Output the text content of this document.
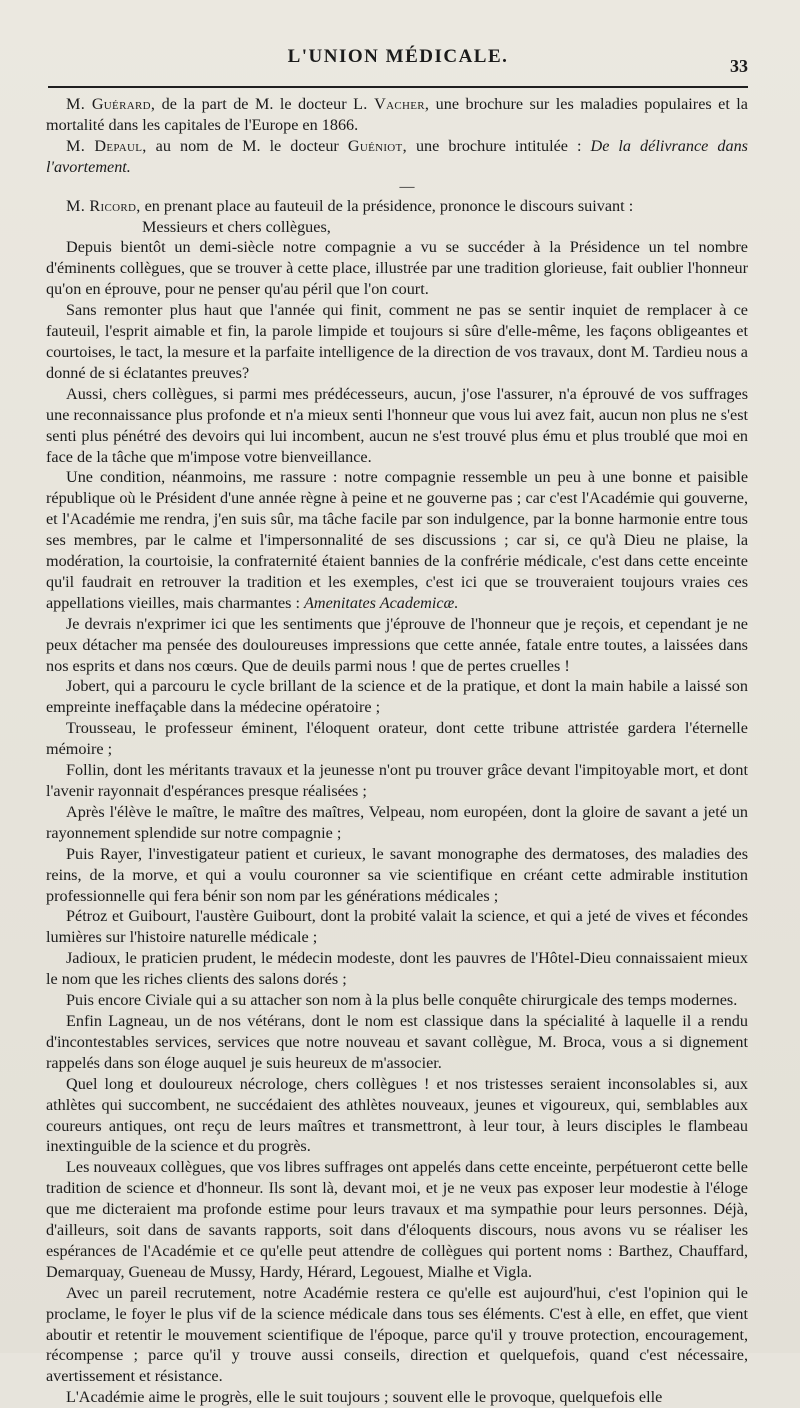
L'UNION MÉDICALE.	33

M. Guérard, de la part de M. le docteur L. Vacher, une brochure sur les maladies populaires et la mortalité dans les capitales de l'Europe en 1866.

M. Depaul, au nom de M. le docteur Guéniot, une brochure intitulée : De la délivrance dans l'avortement.

—

M. Ricord, en prenant place au fauteuil de la présidence, prononce le discours suivant :

Messieurs et chers collègues,

Depuis bientôt un demi-siècle notre compagnie a vu se succéder à la Présidence un tel nombre d'éminents collègues, que se trouver à cette place, illustrée par une tradition glorieuse, fait oublier l'honneur qu'on en éprouve, pour ne penser qu'au péril que l'on court.

Sans remonter plus haut que l'année qui finit, comment ne pas se sentir inquiet de remplacer à ce fauteuil, l'esprit aimable et fin, la parole limpide et toujours si sûre d'elle-même, les façons obligeantes et courtoises, le tact, la mesure et la parfaite intelligence de la direction de vos travaux, dont M. Tardieu nous a donné de si éclatantes preuves?

Aussi, chers collègues, si parmi mes prédécesseurs, aucun, j'ose l'assurer, n'a éprouvé de vos suffrages une reconnaissance plus profonde et n'a mieux senti l'honneur que vous lui avez fait, aucun non plus ne s'est senti plus pénétré des devoirs qui lui incombent, aucun ne s'est trouvé plus ému et plus troublé que moi en face de la tâche que m'impose votre bienveillance.

Une condition, néanmoins, me rassure : notre compagnie ressemble un peu à une bonne et paisible république où le Président d'une année règne à peine et ne gouverne pas ; car c'est l'Académie qui gouverne, et l'Académie me rendra, j'en suis sûr, ma tâche facile par son indulgence, par la bonne harmonie entre tous ses membres, par le calme et l'impersonnalité de ses discussions ; car si, ce qu'à Dieu ne plaise, la modération, la courtoisie, la confraternité étaient bannies de la confrérie médicale, c'est dans cette enceinte qu'il faudrait en retrouver la tradition et les exemples, c'est ici que se trouveraient toujours vraies ces appellations vieilles, mais charmantes : Amenitates Academicæ.

Je devrais n'exprimer ici que les sentiments que j'éprouve de l'honneur que je reçois, et cependant je ne peux détacher ma pensée des douloureuses impressions que cette année, fatale entre toutes, a laissées dans nos esprits et dans nos cœurs. Que de deuils parmi nous ! que de pertes cruelles !

Jobert, qui a parcouru le cycle brillant de la science et de la pratique, et dont la main habile a laissé son empreinte ineffaçable dans la médecine opératoire ;

Trousseau, le professeur éminent, l'éloquent orateur, dont cette tribune attristée gardera l'éternelle mémoire ;

Follin, dont les méritants travaux et la jeunesse n'ont pu trouver grâce devant l'impitoyable mort, et dont l'avenir rayonnait d'espérances presque réalisées ;

Après l'élève le maître, le maître des maîtres, Velpeau, nom européen, dont la gloire de savant a jeté un rayonnement splendide sur notre compagnie ;

Puis Rayer, l'investigateur patient et curieux, le savant monographe des dermatoses, des maladies des reins, de la morve, et qui a voulu couronner sa vie scientifique en créant cette admirable institution professionnelle qui fera bénir son nom par les générations médicales ;

Pétroz et Guibourt, l'austère Guibourt, dont la probité valait la science, et qui a jeté de vives et fécondes lumières sur l'histoire naturelle médicale ;

Jadioux, le praticien prudent, le médecin modeste, dont les pauvres de l'Hôtel-Dieu connaissaient mieux le nom que les riches clients des salons dorés ;

Puis encore Civiale qui a su attacher son nom à la plus belle conquête chirurgicale des temps modernes.

Enfin Lagneau, un de nos vétérans, dont le nom est classique dans la spécialité à laquelle il a rendu d'incontestables services, services que notre nouveau et savant collègue, M. Broca, vous a si dignement rappelés dans son éloge auquel je suis heureux de m'associer.

Quel long et douloureux nécrologe, chers collègues ! et nos tristesses seraient inconsolables si, aux athlètes qui succombent, ne succédaient des athlètes nouveaux, jeunes et vigoureux, qui, semblables aux coureurs antiques, ont reçu de leurs maîtres et transmettront, à leur tour, à leurs disciples le flambeau inextinguible de la science et du progrès.

Les nouveaux collègues, que vos libres suffrages ont appelés dans cette enceinte, perpétueront cette belle tradition de science et d'honneur. Ils sont là, devant moi, et je ne veux pas exposer leur modestie à l'éloge que me dicteraient ma profonde estime pour leurs travaux et ma sympathie pour leurs personnes. Déjà, d'ailleurs, soit dans de savants rapports, soit dans d'éloquents discours, nous avons vu se réaliser les espérances de l'Académie et ce qu'elle peut attendre de collègues qui portent noms : Barthez, Chauffard, Demarquay, Gueneau de Mussy, Hardy, Hérard, Legouest, Mialhe et Vigla.

Avec un pareil recrutement, notre Académie restera ce qu'elle est aujourd'hui, c'est l'opinion qui le proclame, le foyer le plus vif de la science médicale dans tous ses éléments. C'est à elle, en effet, que vient aboutir et retentir le mouvement scientifique de l'époque, parce qu'il y trouve protection, encouragement, récompense ; parce qu'il y trouve aussi conseils, direction et quelquefois, quand c'est nécessaire, avertissement et résistance.

L'Académie aime le progrès, elle le suit toujours ; souvent elle le provoque, quelquefois elle
